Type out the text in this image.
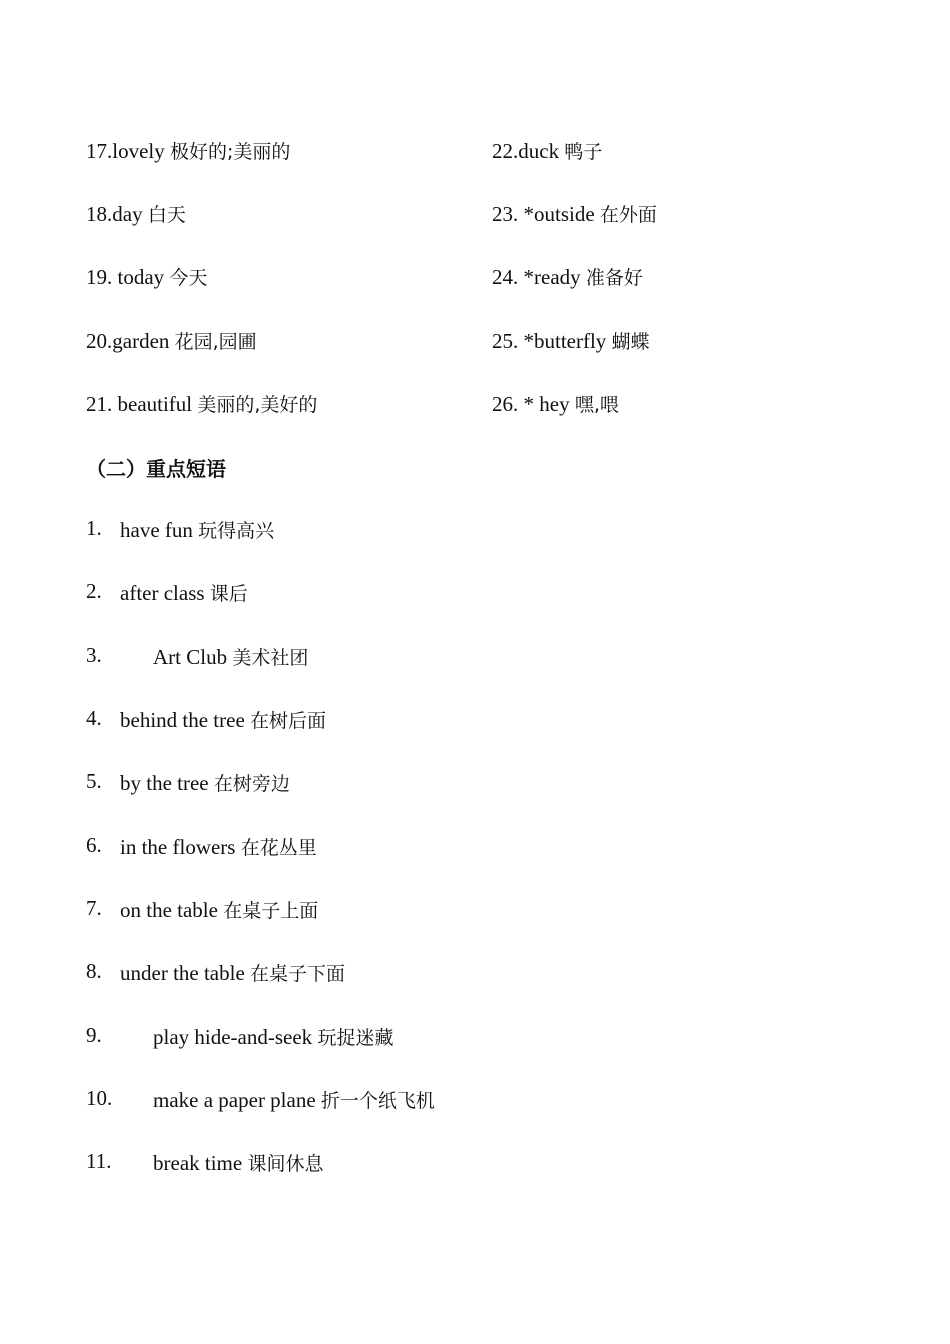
17.lovely 极好的;美丽的	22.duck 鸭子
18.day 白天	23. *outside 在外面
19. today 今天	24. *ready 准备好
20.garden 花园,园圃	25. *butterfly 蝴蝶
21. beautiful 美丽的,美好的	26. * hey 嘿,喂
（二）重点短语
1. have fun 玩得高兴
2. after class 课后
3. Art Club 美术社团
4. behind the tree 在树后面
5. by the tree 在树旁边
6. in the flowers 在花丛里
7. on the table 在桌子上面
8. under the table 在桌子下面
9. play hide-and-seek 玩捉迷藏
10. make a paper plane 折一个纸飞机
11. break time 课间休息
